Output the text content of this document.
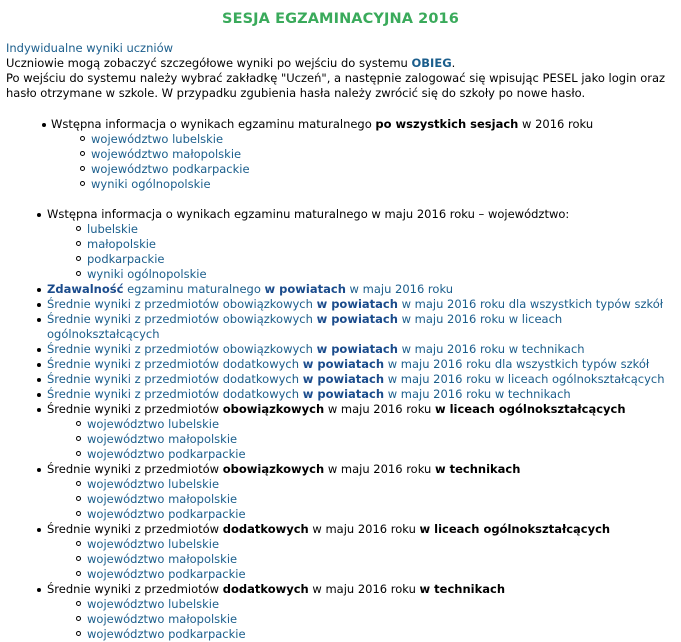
SESJA EGZAMINACYJNA 2016
Indywidualne wyniki uczniów

Uczniowie mogą zobaczyć szczegółowe wyniki po wejściu do systemu OBIEG.

Po wejściu do systemu należy wybrać zakładkę "Uczeń", a następnie zalogować się wpisując PESEL jako login oraz hasło otrzymane w szkole. W przypadku zgubienia hasła należy zwrócić się do szkoły po nowe hasło.

Wstępna informacja o wynikach egzaminu maturalnego po wszystkich sesjach w 2016 roku
województwo lubelskie
województwo małopolskie
województwo podkarpackie
wyniki ogólnopolskie
Wstępna informacja o wynikach egzaminu maturalnego w maju 2016 roku – województwo:
lubelskie
małopolskie
podkarpackie
wyniki ogólnopolskie
Zdawalność egzaminu maturalnego w powiatach w maju 2016 roku
Średnie wyniki z przedmiotów obowiązkowych w powiatach w maju 2016 roku dla wszystkich typów szkół
Średnie wyniki z przedmiotów obowiązkowych w powiatach w maju 2016 roku w liceach ogólnokształcących
Średnie wyniki z przedmiotów obowiązkowych w powiatach w maju 2016 roku w technikach
Średnie wyniki z przedmiotów dodatkowych w powiatach w maju 2016 roku dla wszystkich typów szkół
Średnie wyniki z przedmiotów dodatkowych w powiatach w maju 2016 roku w liceach ogólnokształcących
Średnie wyniki z przedmiotów dodatkowych w powiatach w maju 2016 roku w technikach
Średnie wyniki z przedmiotów obowiązkowych w maju 2016 roku w liceach ogólnokształcących
województwo lubelskie
województwo małopolskie
województwo podkarpackie
Średnie wyniki z przedmiotów obowiązkowych w maju 2016 roku w technikach
województwo lubelskie
województwo małopolskie
województwo podkarpackie
Średnie wyniki z przedmiotów dodatkowych w maju 2016 roku w liceach ogólnokształcących
województwo lubelskie
województwo małopolskie
województwo podkarpackie
Średnie wyniki z przedmiotów dodatkowych w maju 2016 roku w technikach
województwo lubelskie
województwo małopolskie
województwo podkarpackie
